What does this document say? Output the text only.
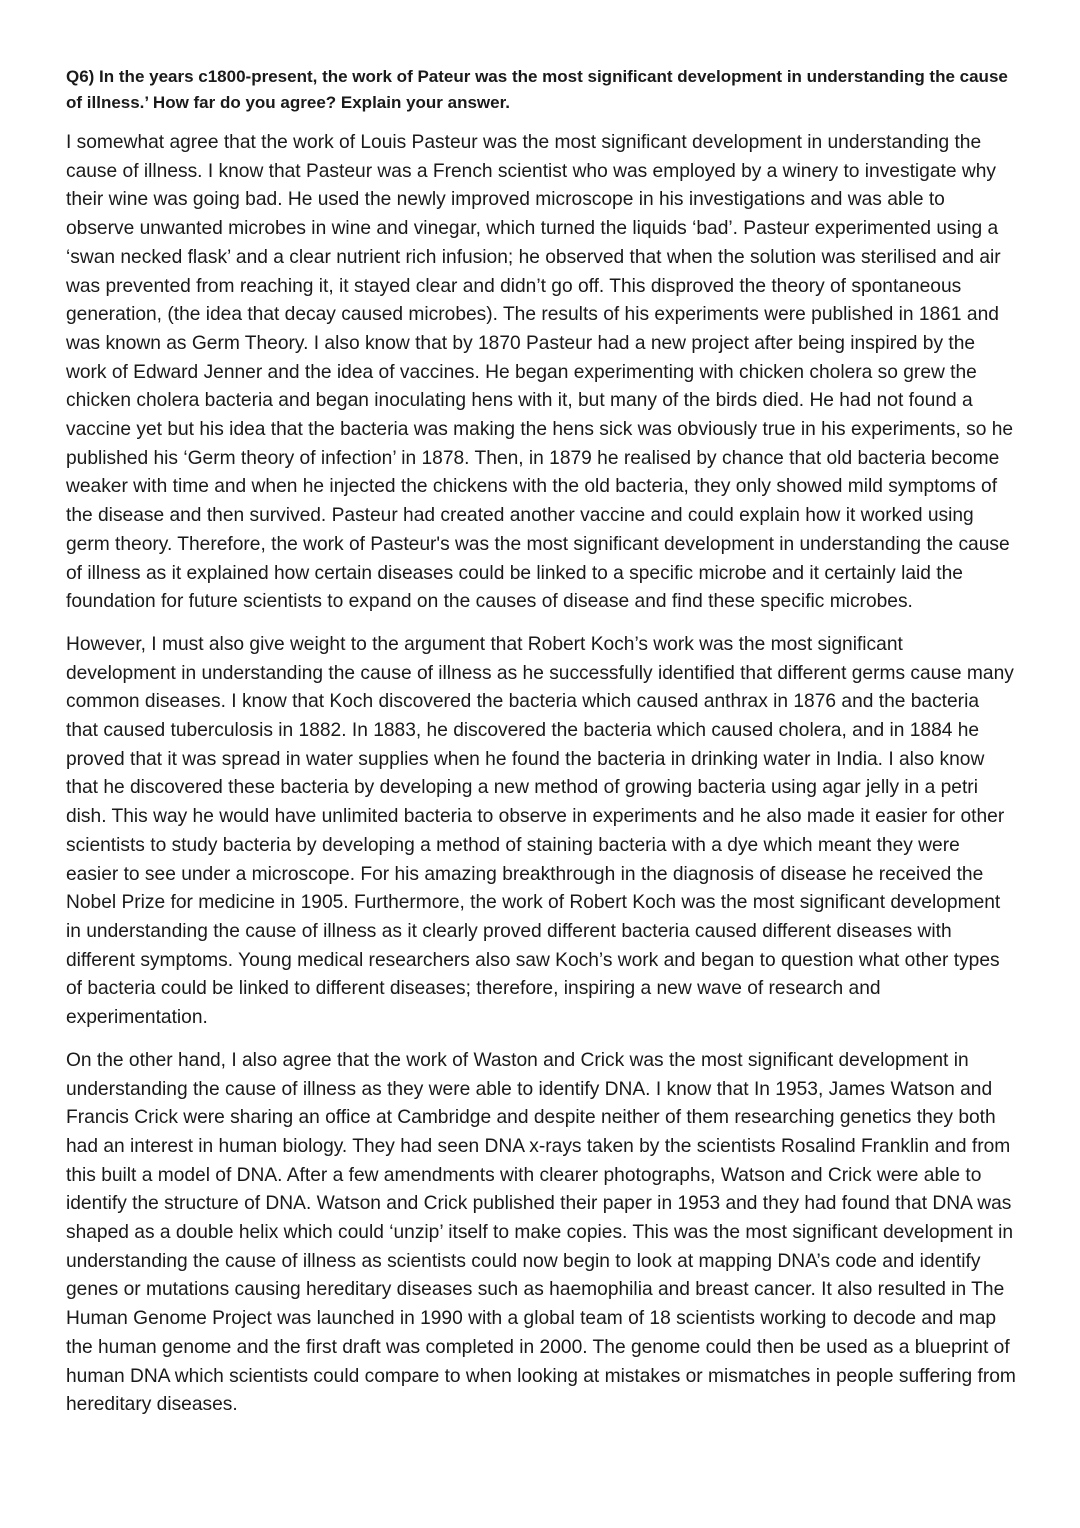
Q6) In the years c1800-present, the work of Pateur was the most significant development in understanding the cause of illness.’ How far do you agree? Explain your answer.

I somewhat agree that the work of Louis Pasteur was the most significant development in understanding the cause of illness. I know that Pasteur was a French scientist who was employed by a winery to investigate why their wine was going bad. He used the newly improved microscope in his investigations and was able to observe unwanted microbes in wine and vinegar, which turned the liquids ‘bad’. Pasteur experimented using a ‘swan necked flask’ and a clear nutrient rich infusion; he observed that when the solution was sterilised and air was prevented from reaching it, it stayed clear and didn’t go off. This disproved the theory of spontaneous generation, (the idea that decay caused microbes). The results of his experiments were published in 1861 and was known as Germ Theory. I also know that by 1870 Pasteur had a new project after being inspired by the work of Edward Jenner and the idea of vaccines. He began experimenting with chicken cholera so grew the chicken cholera bacteria and began inoculating hens with it, but many of the birds died. He had not found a vaccine yet but his idea that the bacteria was making the hens sick was obviously true in his experiments, so he published his ‘Germ theory of infection’ in 1878. Then, in 1879 he realised by chance that old bacteria become weaker with time and when he injected the chickens with the old bacteria, they only showed mild symptoms of the disease and then survived. Pasteur had created another vaccine and could explain how it worked using germ theory. Therefore, the work of Pasteur's was the most significant development in understanding the cause of illness as it explained how certain diseases could be linked to a specific microbe and it certainly laid the foundation for future scientists to expand on the causes of disease and find these specific microbes.

However, I must also give weight to the argument that Robert Koch’s work was the most significant development in understanding the cause of illness as he successfully identified that different germs cause many common diseases. I know that Koch discovered the bacteria which caused anthrax in 1876 and the bacteria that caused tuberculosis in 1882. In 1883, he discovered the bacteria which caused cholera, and in 1884 he proved that it was spread in water supplies when he found the bacteria in drinking water in India. I also know that he discovered these bacteria by developing a new method of growing bacteria using agar jelly in a petri dish. This way he would have unlimited bacteria to observe in experiments and he also made it easier for other scientists to study bacteria by developing a method of staining bacteria with a dye which meant they were easier to see under a microscope. For his amazing breakthrough in the diagnosis of disease he received the Nobel Prize for medicine in 1905. Furthermore, the work of Robert Koch was the most significant development in understanding the cause of illness as it clearly proved different bacteria caused different diseases with different symptoms. Young medical researchers also saw Koch’s work and began to question what other types of bacteria could be linked to different diseases; therefore, inspiring a new wave of research and experimentation.

On the other hand, I also agree that the work of Waston and Crick was the most significant development in understanding the cause of illness as they were able to identify DNA. I know that In 1953, James Watson and Francis Crick were sharing an office at Cambridge and despite neither of them researching genetics they both had an interest in human biology. They had seen DNA x-rays taken by the scientists Rosalind Franklin and from this built a model of DNA. After a few amendments with clearer photographs, Watson and Crick were able to identify the structure of DNA. Watson and Crick published their paper in 1953 and they had found that DNA was shaped as a double helix which could ‘unzip’ itself to make copies. This was the most significant development in understanding the cause of illness as scientists could now begin to look at mapping DNA’s code and identify genes or mutations causing hereditary diseases such as haemophilia and breast cancer. It also resulted in The Human Genome Project was launched in 1990 with a global team of 18 scientists working to decode and map the human genome and the first draft was completed in 2000. The genome could then be used as a blueprint of human DNA which scientists could compare to when looking at mistakes or mismatches in people suffering from hereditary diseases.
